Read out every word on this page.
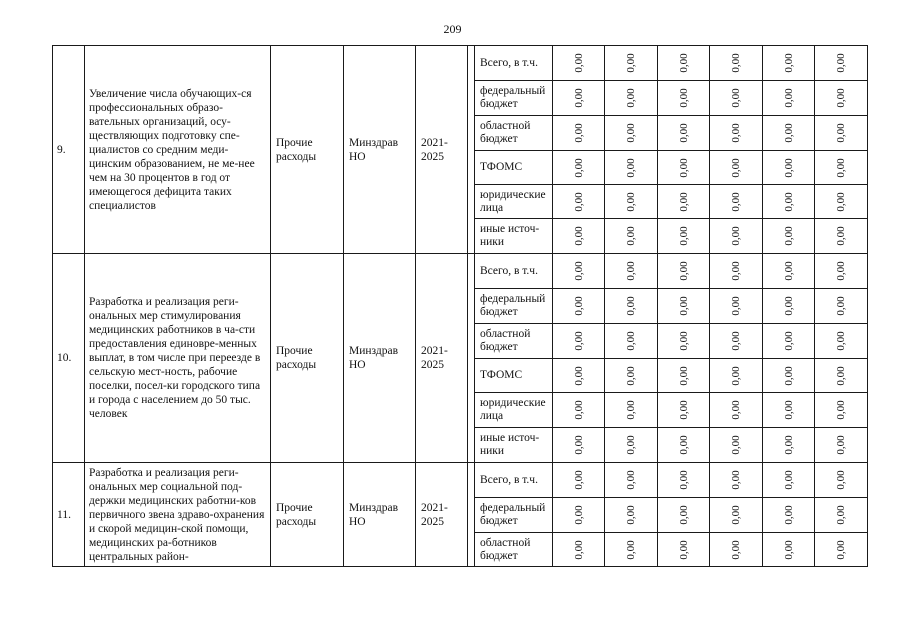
209
9.	Увеличение числа обучающих-ся профессиональных образо-вательных организаций, осу-ществляющих подготовку спе-циалистов со средним меди-цинским образованием, не ме-нее чем на 30 процентов в год от имеющегося дефицита таких специалистов	Прочие расходы	Минздрав НО	2021-2025		Всего, в т.ч.	0,00	0,00	0,00	0,00	0,00	0,00

						федеральный бюджет	0,00	0,00	0,00	0,00	0,00	0,00

						областной бюджет	0,00	0,00	0,00	0,00	0,00	0,00

						ТФОМС	0,00	0,00	0,00	0,00	0,00	0,00

						юридические лица	0,00	0,00	0,00	0,00	0,00	0,00

						иные источ-ники	0,00	0,00	0,00	0,00	0,00	0,00

10.	Разработка и реализация реги-ональных мер стимулирования медицинских работников в ча-сти предоставления единовре-менных выплат, в том числе при переезде в сельскую мест-ность, рабочие поселки, посел-ки городского типа и города с населением до 50 тыс. человек	Прочие расходы	Минздрав НО	2021-2025		Всего, в т.ч.	0,00	0,00	0,00	0,00	0,00	0,00

						федеральный бюджет	0,00	0,00	0,00	0,00	0,00	0,00

						областной бюджет	0,00	0,00	0,00	0,00	0,00	0,00

						ТФОМС	0,00	0,00	0,00	0,00	0,00	0,00

						юридические лица	0,00	0,00	0,00	0,00	0,00	0,00

						иные источ-ники	0,00	0,00	0,00	0,00	0,00	0,00

11.	Разработка и реализация реги-ональных мер социальной под-держки медицинских работни-ков первичного звена здраво-охранения и скорой медицин-ской помощи, медицинских ра-ботников центральных район-	Прочие расходы	Минздрав НО	2021-2025		Всего, в т.ч.	0,00	0,00	0,00	0,00	0,00	0,00

						федеральный бюджет	0,00	0,00	0,00	0,00	0,00	0,00

						областной бюджет	0,00	0,00	0,00	0,00	0,00	0,00
